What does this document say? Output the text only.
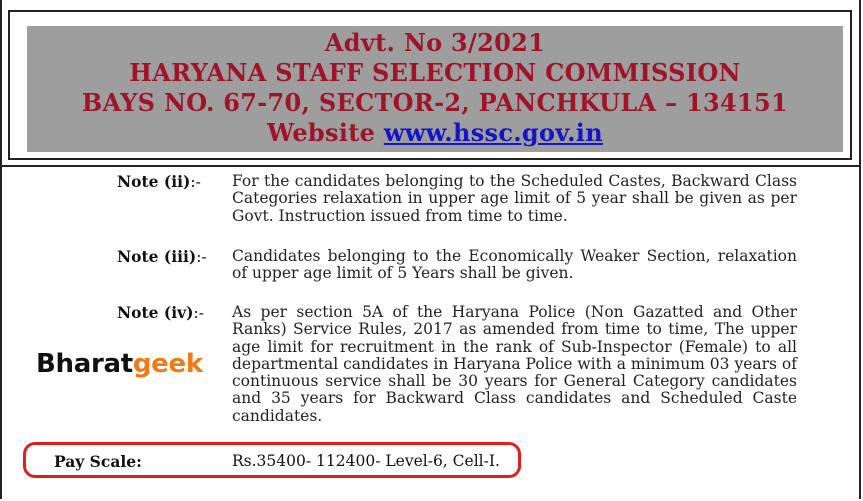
Advt. No 3/2021
HARYANA STAFF SELECTION COMMISSION
BAYS NO. 67-70, SECTOR-2, PANCHKULA – 134151
Website www.hssc.gov.in
Note (ii):- For the candidates belonging to the Scheduled Castes, Backward Class Categories relaxation in upper age limit of 5 year shall be given as per Govt. Instruction issued from time to time.
Note (iii):- Candidates belonging to the Economically Weaker Section, relaxation of upper age limit of 5 Years shall be given.
Note (iv):- As per section 5A of the Haryana Police (Non Gazatted and Other Ranks) Service Rules, 2017 as amended from time to time, The upper age limit for recruitment in the rank of Sub-Inspector (Female) to all departmental candidates in Haryana Police with a minimum 03 years of continuous service shall be 30 years for General Category candidates and 35 years for Backward Class candidates and Scheduled Caste candidates.
Bharatgeek
Pay Scale:	Rs.35400- 112400- Level-6, Cell-I.
